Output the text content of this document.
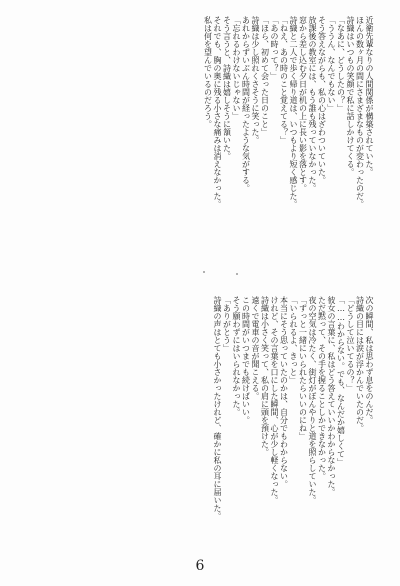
近衛先輩なりの人間関係が構築されていた。
ほんの数ヶ月の間にさまざまなものが変わったのだ。
詩織はいつもの笑顔で私に話しかけてくる。
「なあに、どうしたの？」
「ううん、なんでもない」
そう答えながらも、私の心はざわついていた。
放課後の教室には、もう誰も残っていなかった。
窓から差し込む夕日が机の上に長い影を落とす。
詩織と二人で歩く帰り道は、いつもより短く感じた。
「ねえ、あの時のこと覚えてる？」
「あの時って？」
「ほら、初めて会った日のこと」
詩織は少し照れくさそうに笑った。
あれからずいぶん時間が経ったような気がする。
「忘れるわけないじゃない」
そう言うと、詩織は嬉しそうに頷いた。
それでも、胸の奥に残る小さな痛みは消えなかった。
私は何を望んでいるのだろう。
次の瞬間、私は思わず息をのんだ。
詩織の目には涙が浮かんでいたのだ。
「どうして泣いてるの？」
「……わからない。でも、なんだか嬉しくて」
彼女の言葉に、私はどう答えていいかわからなかった。
ただ黙って、その手を握ることしかできなかった。
夜の空気は冷たく、街灯がぼんやりと道を照らしていた。
「ずっと一緒にいられたらいいのにね」
「いられるよ、きっと」
本当にそう思っていたのかは、自分でもわからない。
けれど、その言葉を口にした瞬間、心が少し軽くなった。
詩織は小さく笑って、私の肩に頭を預けた。
遠くで電車の音が聞こえる。
この時間がいつまでも続けばいい。
そう願わずにはいられなかった。
「ありがとう」
詩織の声はとても小さかったけれど、確かに私の耳に届いた。
6
